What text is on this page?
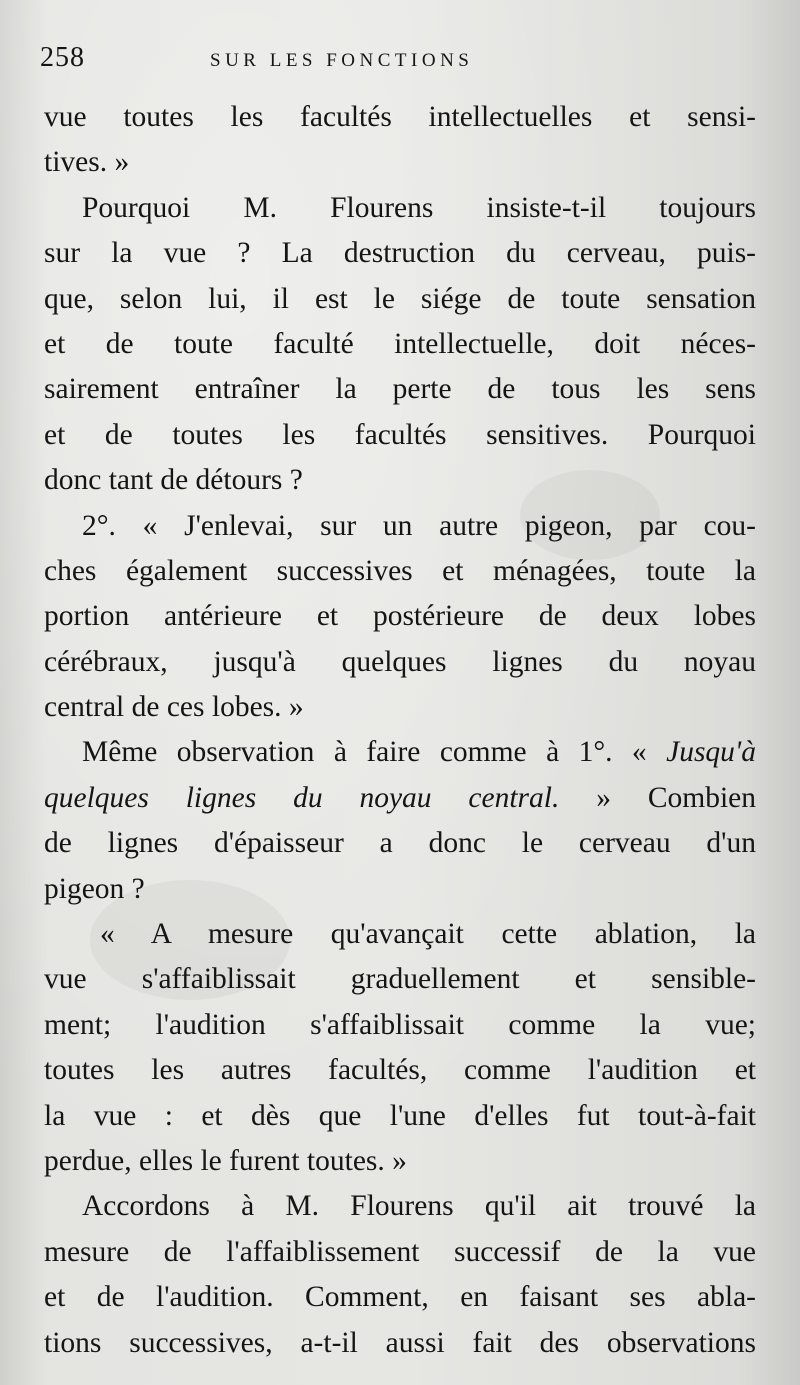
258	SUR LES FONCTIONS
vue toutes les facultés intellectuelles et sensi-
tives. »
Pourquoi M. Flourens insiste-t-il toujours
sur la vue ? La destruction du cerveau, puis-
que, selon lui, il est le siége de toute sensation
et de toute faculté intellectuelle, doit néces-
sairement entraîner la perte de tous les sens
et de toutes les facultés sensitives. Pourquoi
donc tant de détours ?
2°. « J'enlevai, sur un autre pigeon, par cou-
ches également successives et ménagées, toute la
portion antérieure et postérieure de deux lobes
cérébraux, jusqu'à quelques lignes du noyau
central de ces lobes. »
Même observation à faire comme à 1°. « Jusqu'à
quelques lignes du noyau central. » Combien
de lignes d'épaisseur a donc le cerveau d'un
pigeon ?
« A mesure qu'avançait cette ablation, la
vue s'affaiblissait graduellement et sensible-
ment; l'audition s'affaiblissait comme la vue;
toutes les autres facultés, comme l'audition et
la vue : et dès que l'une d'elles fut tout-à-fait
perdue, elles le furent toutes. »
Accordons à M. Flourens qu'il ait trouvé la
mesure de l'affaiblissement successif de la vue
et de l'audition. Comment, en faisant ses abla-
tions successives, a-t-il aussi fait des observations
